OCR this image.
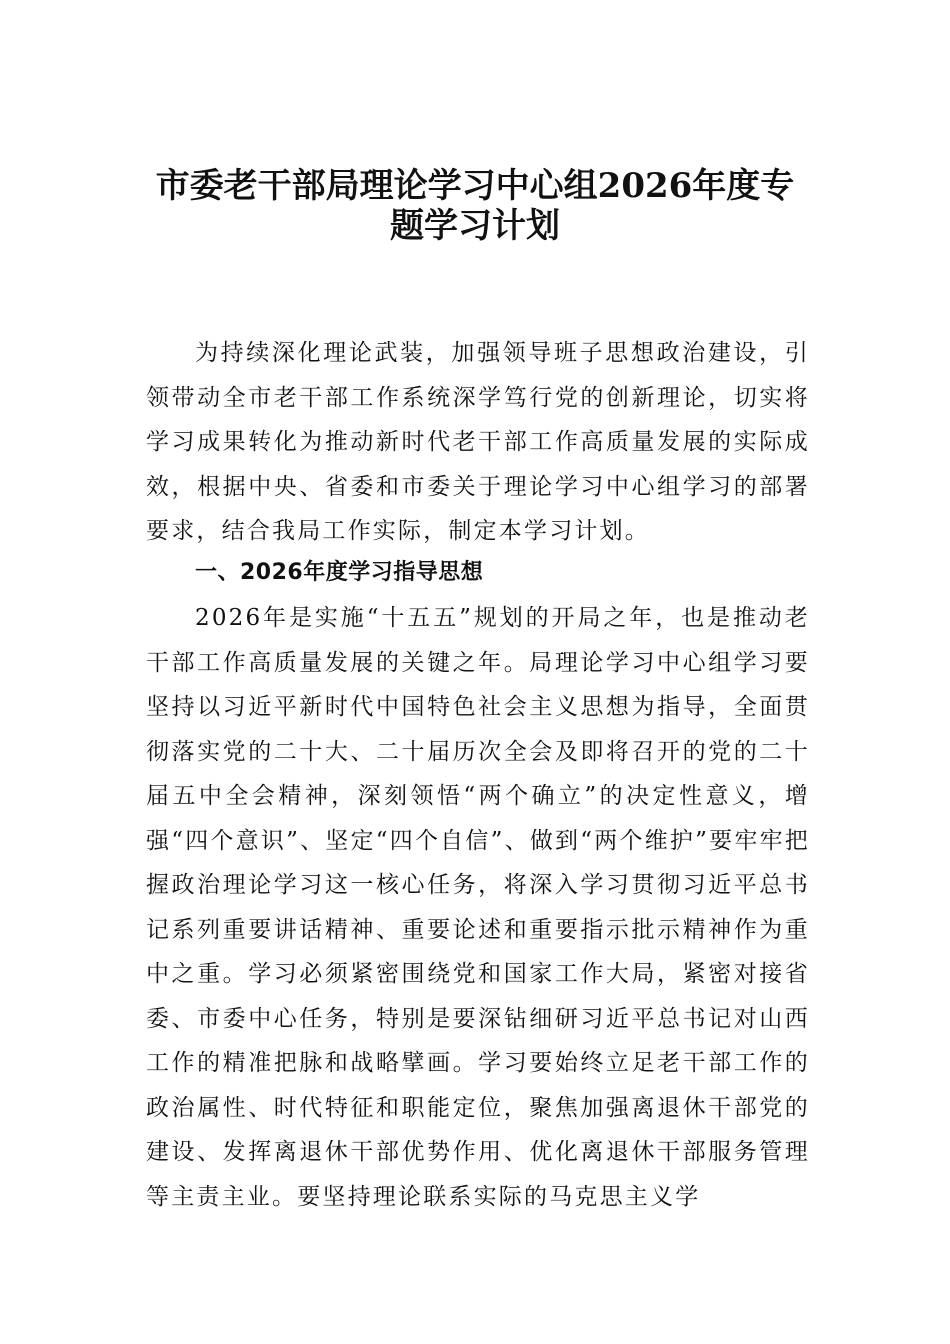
市委老干部局理论学习中心组2026年度专
题学习计划

为持续深化理论武装，加强领导班子思想政治建设，引领带动全市老干部工作系统深学笃行党的创新理论，切实将学习成果转化为推动新时代老干部工作高质量发展的实际成效，根据中央、省委和市委关于理论学习中心组学习的部署要求，结合我局工作实际，制定本学习计划。

一、2026年度学习指导思想

2026年是实施“十五五”规划的开局之年，也是推动老干部工作高质量发展的关键之年。局理论学习中心组学习要坚持以习近平新时代中国特色社会主义思想为指导，全面贯彻落实党的二十大、二十届历次全会及即将召开的党的二十届五中全会精神，深刻领悟“两个确立”的决定性意义，增强“四个意识”、坚定“四个自信”、做到“两个维护”要牢牢把握政治理论学习这一核心任务，将深入学习贯彻习近平总书记系列重要讲话精神、重要论述和重要指示批示精神作为重中之重。学习必须紧密围绕党和国家工作大局，紧密对接省委、市委中心任务，特别是要深钻细研习近平总书记对山西工作的精准把脉和战略擘画。学习要始终立足老干部工作的政治属性、时代特征和职能定位，聚焦加强离退休干部党的建设、发挥离退休干部优势作用、优化离退休干部服务管理等主责主业。要坚持理论联系实际的马克思主义学
